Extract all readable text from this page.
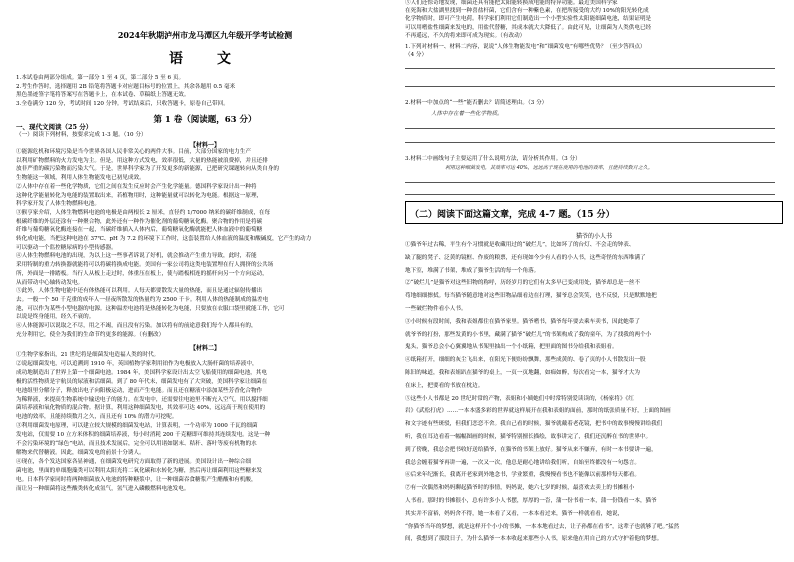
2024年秋期泸州市龙马潭区九年级开学考试检测
语　文
1.本试卷由两部分组成。第一部分 1 至 4 页，第二部分 5 至 6 页。
2.考生作答时，选择题用 2B 铅笔将答题卡对应题目标号的位置上，其余各题用 0.5 毫米
黑色墨迹签字笔将答案写在答题卡上，在本试卷、草稿纸上答题无效。
3.全卷满分 120 分，考试时间 120 分钟。考试结束后，只收答题卡，原卷自己带回。
第 1 卷（阅读题，63 分）
一、现代文阅读（25 分）
（一）阅读下列材料，按要求完成 1-3 题。（10 分）
【材料一】
①能源危机和环境污染是当今世界各国人民非常关心的两件大事。目前，大部分国家的电力生产
以利用矿物燃料的火力发电为主。但是，用这种方式发电，效率很低，大量的热能被浪费掉，并且还排
放非严重的碳污染物而污染大气。于是，世界科学家为了开发更多的新能源，已把研究课题转向从类自身的
生物能这一领域，利用人体生物能发电已初见成效。
②人体中存在着一些化学物质，它们之间在发生反应时会产生化学能量。德国科学家设计出一种将
这种化学能量转化为电能的装置取出来，若植物用时，这种能量就可以转化为电能。根据这一原理，
科学家开发了人体生物燃料电池。
③猴亨家介绍，人体生物燃料电池的电极是由两根长 2 厘米，直径约 1/7000 纳米的碳纤维制成，在每
根碳纤维的外层还涂有一种聚合物，此外还有一种作为催化剂的葡萄糖氧化酶。聚合物的作用是将碳
纤维与葡萄糖氧化酶连接在一起，当碳纤维插入人体内后，葡萄糖氧化酶就能把人体血液中的葡萄糖
转化成电能，当把这种电池在 37℃、pH 为 7.2 的环境下工作时，这套装置给人体血液的温度和酸碱度，它产生的动力
可以驱动一个监控糖尿病的小型传感器。
④人体生物燃料电池的出现，为以上这一些事者诉说了好机，就会推动产生重力导致，此时，若能
采用特制的重力转换器就能将可以将碳将换成电能。美国有一家公司将这类电装置埋在行人拥挤的公共场
所，外面是一排踏板。当行人从板上走过时，体重压在板上，使与踏板相连的摇杆向另一个方向运动，
从而带动中心轴转动发电。
⑤此外，人体生物电能中还有体热能可以利用。人每天都要散发大量的热能，而且是通过辐射传播出
去。一般一个 50 千克重的成年人一昼夜所散发的热量约为 2500 千卡。利用人体的热能制成的温差电
池，可以作为某些小型电器的电源。这种温差电池将是热能转化为电能，只要放在衣服口袋里就能工作，它可
以说是终身能用，经久不衰的。
⑥人体能源可以说取之不尽，用之不竭，而且没有污染。加以将有的前途意我们每个人都具有的，
充分利用它，使全为我们的生命节约更多的能源。（有删改）
【材料二】
①生物学家指出，21 世纪将是细菌发电造福人类的时代。
②说起细菌发电，可以追溯到 1910 年，英国植物学家利用铂作为电极放入大肠杆菌的培养液中，
成功地制造出了世界上第一个细菌电池。1984 年，美国科学家设计出太空飞船使用的细菌电池，其电
极的活性物质是宇航员的尿液和活细菌。到了 80 年代末，细菌发电有了大突破，美国科学家让细菌在
电池组里分解分子，释放出电子向阳极运动，进而产生电能。而且还在糖液中添加某些芳香化合物作
为稀释液，来提高生物系统中输送电子的能力。在发电中，还需要往电池里不断充入空气，用以搅拌细
菌培养液和氧化物质的混合物。据计算，利用这种细菌发电，其效率可达 40%，远远高于现在使用的
电池的效率，且能持续数月之久，而且还有 10% 的潜力可挖呢。
③利用细菌发电原理，可以建立较大规模的细菌发电站，计算表明，一个功率为 1000 千瓦的细菌
发电站，仅需要 10 立方米体积的细菌培养液，每小时消耗 200 千克糖即可维持其连续发电。这是一种
不会污染环境的“绿色”电站，而且技术发展后，完全可以用诸如锯末、秸秆、落叶等废有机物的水
解物来代替糖液。因此，细菌发电的前景十分诱人。
④现在，各个发达国家各显神通，在细菌发电研究方面取得了新的进展。美国设计出一种综合细
菌电池，里面的单细胞藻类可以利用太阳光将二氧化碳和水转化为糖，然后再让细菌利用这些糖来发
电。日本科学家同时将两种细菌放入电池的特种糖浆中，让一种细菌吞食糖浆产生醋酸和有机酸，
而让另一种细菌将这些酸类转化成氢气，氢气进入磷酸燃料电池发电。
⑤人们还惊奇地发现，细菌还具有能把太阳能转换成电能的特异功能。最近美国科学家
在死海和大盐湖里找到一种喜盐杆菌，它们含有一种紫色素，在把所接受的大约 10%的阳光转化成
化学物质时，即可产生电荷。科学家们利用它们制造出一个小型实验性太阳能细菌电池，结果证明是
可以用嗜盐性细菌来发电的，用盐代替糖，其成本就大大降低了。由此可见，让细菌为人类供电已经
不再遥远，不久的将来即可成为现实。（有改动）
1.下列对材料一、材料二内容，说说“人体生物能发电”和“细菌发电”有哪些优势？（至少答四点）
（4 分）
2.材料一中加点的“一些”能否删去？请简述理由。（3 分）
人体中存在着一些化学物质。
3.材料二中画线句子主要运用了什么说明方法，请分析其作用。（3 分）
利用这种细菌发电，其效率可达 40%，远远高于现在使用的电池的效率，且能持续数月之久。
（二）阅读下面这篇文章，完成 4-7 题。（15 分）
猫爷的小人书
①猫爷年过古稀，平生有个习惯就是收藏用过的“破烂儿”，比如坏了的台灯、不会走的钟表、
缺了腿的凳子、泛黄的镜框、作废的粮票，还有现如今少有人看的小人书，这些奇怪的东西堆满了
地下室，堆满了书架，堆成了猫爷生活的每一个角落。
②“破烂儿”是猫爷对这些旧物的称呼，历经岁月的它们有太多早已变成用处，猫爷却总是一丝不
苟地细细擦拭。每当猫爷随意地对这些旧物品细看边在打理，猫爷总会笑笑，也不反驳，只是默默地把
一些破烂物件看小人书。
③小时候有段时间，我和表姐都住在猫爷家里。猫爷嗜书，猫爷每年要去乘车卖书，因此她带了
就爷爷的打扮，那些发黄的小书里，藏满了猫爷“破烂儿”的书架构成了我的童年，为了找我的两个小
鬼头，猫爷总会小心翼翼地从书架里抽出一个小纸箱，把里面的图书分给我和表姐看。
④纸箱打开，细细的灰尘飞出来，在阳光下便纷纷飘舞，那些成黄的、卷了页的小人书散发出一股
陈旧的味道，我和表姐趴在猫爷的桌上，一页一页地翻，如痴如醉，每次看完一本，猫爷才大为
在床上，把要看的书放在枕边。
⑤这些小人书都是 20 世纪时常的产物，表姐和小姨她们中时常特别爱读读的，《杨家将》《红
岩》《武松打虎》……一本本盛多彩的世界就这样展开在我和表姐的面前，那时的纸张质量不好，上面的图画
和文字迹有些斑驳，但我们恋恋不舍。我自己看的时候，猫爷就戴着老花镜，把书中的故事慢慢讲给我们
听，我在耳边看着一幅幅图画的时候，猫爷特别擅长描绘，故事讲完了，我们还沉醉在书的世界中。
到了傍晚，我总会把书收好送给猫爷，在猫爷的书架上放好。猫爷从来不嫌弃，有时一本书要讲一遍，
我总会缠着猫爷再讲一遍，一次又一次，他总是耐心地讲给我们听，自始至终都没有一句怨言。
⑥后来年纪渐长，我离开老家到外地念书，学业繁重，我慢慢看书也不能像以前那样每天都看。
⑦有一次偶然和妈妈聊起猫爷时的事情，妈妈说，她六七岁的时候，最喜欢去卖上的书摊租小
人书看。那时的书摊很小，总有许多小人书摆，厚厚的一沓，蒲一份书看一本，蒲一份钱看一本，猫爷
其实并不富裕，妈妈舍不得，她一本看了又看，一本本看过来，猫爷一样就看看，她说，
“你猫爷当年的梦想，就是这样开个小小的书摊，一本本地看过去，让子孙都在看书”，这辈子也就够了吧。”猛然
间，我想到了那段日子，为什么猫爷一本本收起来那些小人书，原来他在用自己的方式守护着他的梦想。
